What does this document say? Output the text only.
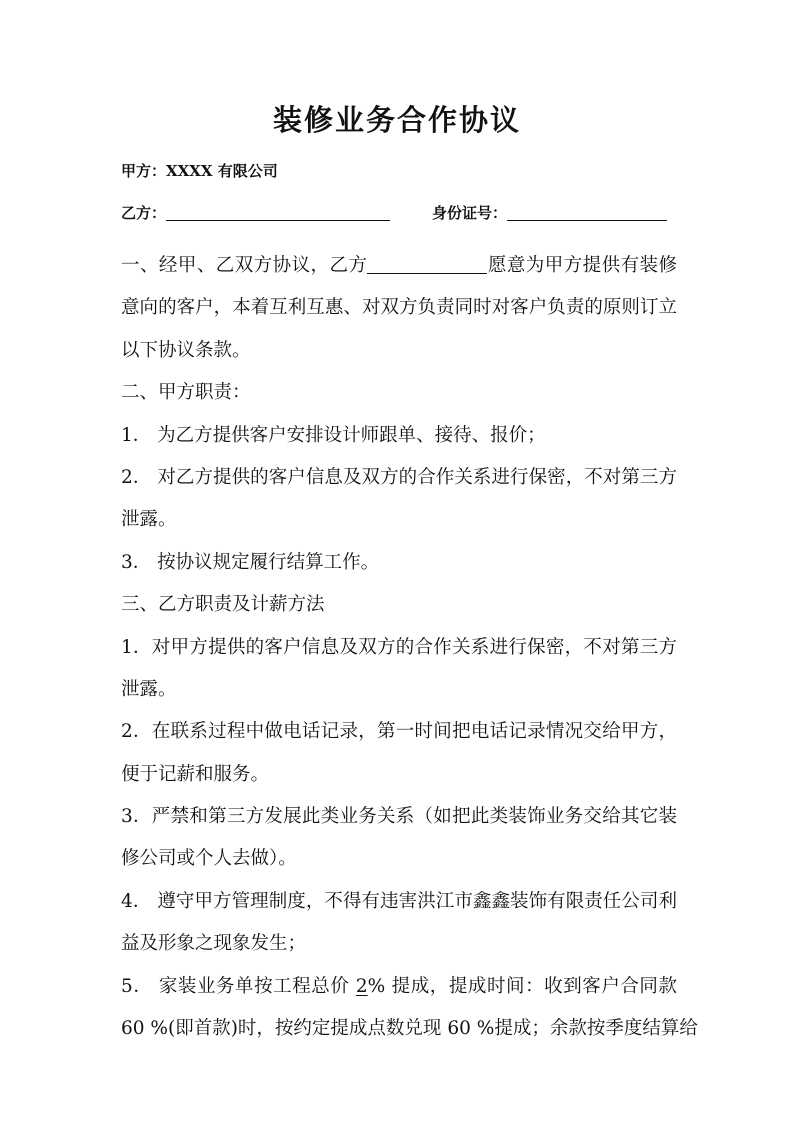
装修业务合作协议
甲方：XXXX 有限公司
乙方：	身份证号：
一、经甲、乙双方协议，乙方	愿意为甲方提供有装修
意向的客户，本着互利互惠、对双方负责同时对客户负责的原则订立
以下协议条款。
二、甲方职责：
1． 为乙方提供客户安排设计师跟单、接待、报价；
2． 对乙方提供的客户信息及双方的合作关系进行保密，不对第三方
泄露。
3． 按协议规定履行结算工作。
三、乙方职责及计薪方法
1．对甲方提供的客户信息及双方的合作关系进行保密，不对第三方
泄露。
2．在联系过程中做电话记录，第一时间把电话记录情况交给甲方，
便于记薪和服务。
3．严禁和第三方发展此类业务关系（如把此类装饰业务交给其它装
修公司或个人去做）。
4． 遵守甲方管理制度，不得有违害洪江市鑫鑫装饰有限责任公司利
益及形象之现象发生；
5． 家装业务单按工程总价 2% 提成，提成时间：收到客户合同款
60 %(即首款)时，按约定提成点数兑现 60 %提成；余款按季度结算给
